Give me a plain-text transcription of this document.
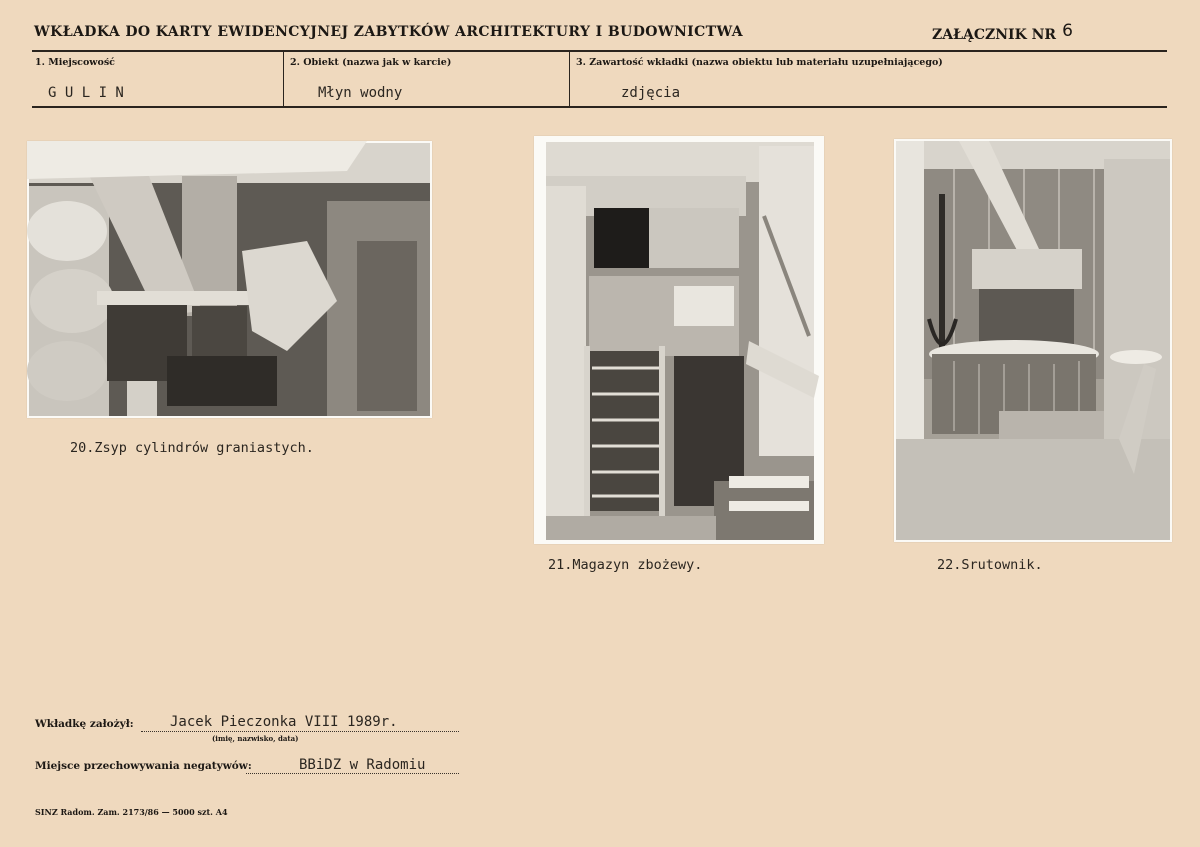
WKŁADKA DO KARTY EWIDENCYJNEJ ZABYTKÓW ARCHITEKTURY I BUDOWNICTWA	ZAŁĄCZNIK NR 6
1. Miejscowość
G U L I N
2. Obiekt (nazwa jak w karcie)
Młyn wodny
3. Zawartość wkładki (nazwa obiektu lub materiału uzupełniającego)
zdjęcia
20.Zsyp cylindrów graniastych.
21.Magazyn zbożewy.	22.Srutownik.
Wkładkę założył:	Jacek Pieczonka VIII 1989r.
(imię, nazwisko, data)
Miejsce przechowywania negatywów:	BBiDZ w Radomiu
SINZ Radom. Zam. 2173/86 — 5000 szt. A4
